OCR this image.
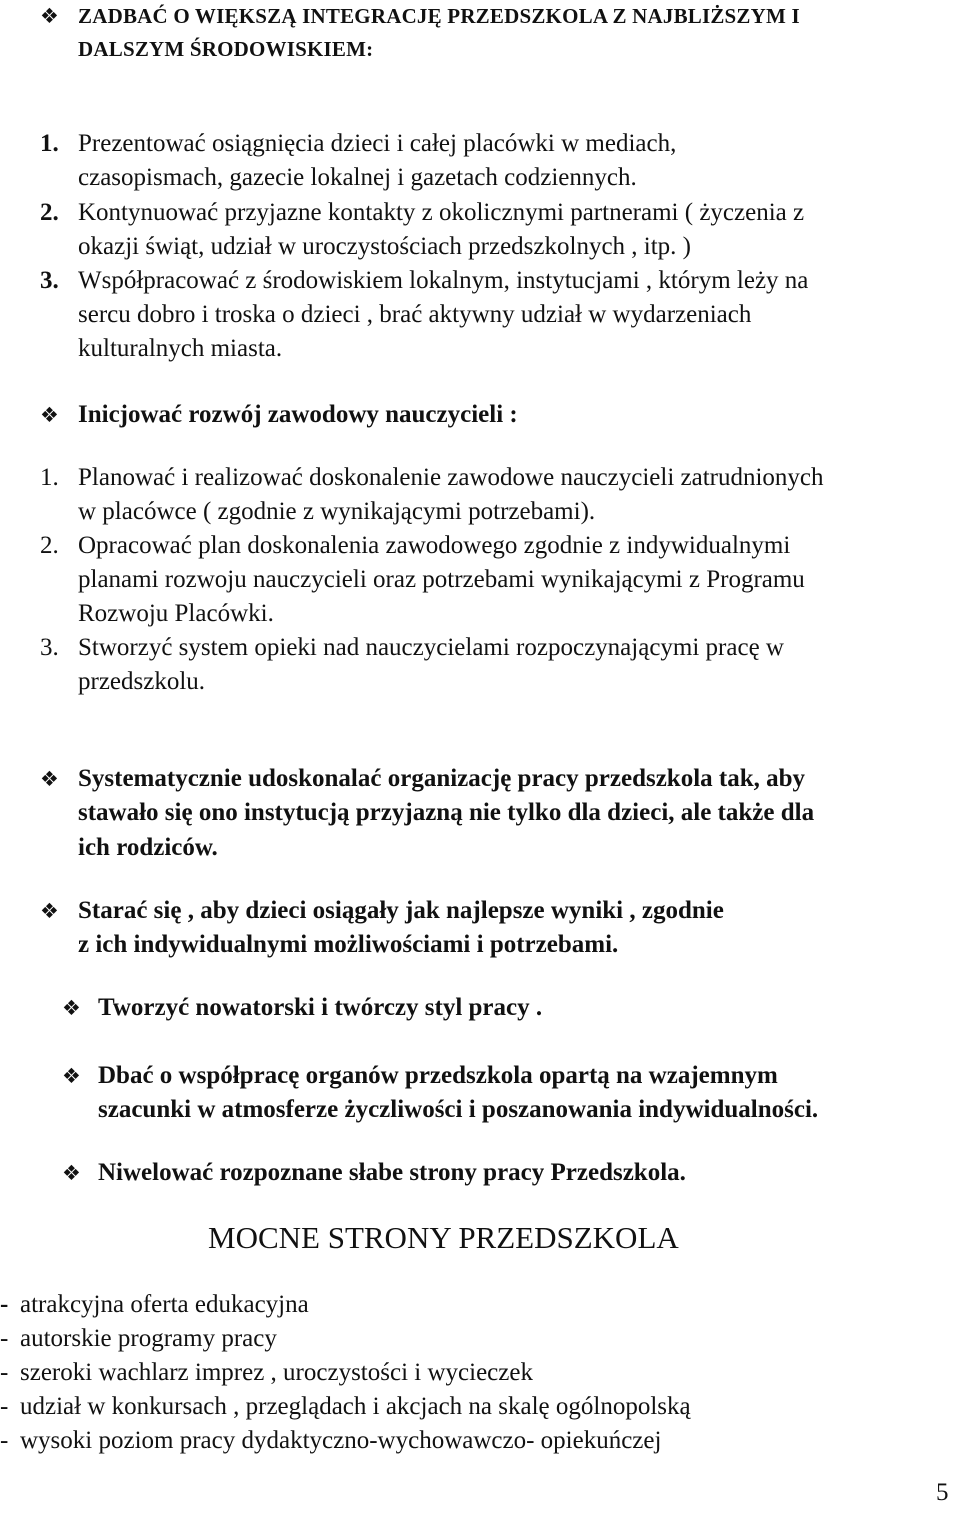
❖ ZADBAĆ O WIĘKSZĄ INTEGRACJĘ PRZEDSZKOLA Z NAJBLIŻSZYM I
DALSZYM ŚRODOWISKIEM:
1. Prezentować osiągnięcia dzieci i całej placówki w mediach,
czasopismach, gazecie lokalnej i gazetach codziennych.
2. Kontynuować przyjazne kontakty z okolicznymi partnerami ( życzenia z
okazji świąt, udział w uroczystościach przedszkolnych , itp. )
3. Współpracować z środowiskiem lokalnym, instytucjami , którym leży na
sercu dobro i troska o dzieci , brać aktywny udział w wydarzeniach
kulturalnych miasta.
❖ Inicjować rozwój zawodowy nauczycieli :
1. Planować i realizować doskonalenie zawodowe nauczycieli zatrudnionych
w placówce ( zgodnie z wynikającymi potrzebami).
2. Opracować plan doskonalenia zawodowego zgodnie z indywidualnymi
planami rozwoju nauczycieli oraz potrzebami wynikającymi z Programu
Rozwoju Placówki.
3. Stworzyć system opieki nad nauczycielami rozpoczynającymi pracę w
przedszkolu.
❖ Systematycznie udoskonalać organizację pracy przedszkola tak, aby
stawało się ono instytucją przyjazną nie tylko dla dzieci, ale także dla
ich rodziców.
❖ Starać się , aby dzieci osiągały jak najlepsze wyniki , zgodnie
z ich indywidualnymi możliwościami i potrzebami.
❖ Tworzyć nowatorski i twórczy styl pracy .
❖ Dbać o współpracę organów przedszkola opartą na wzajemnym
szacunki w atmosferze życzliwości i poszanowania indywidualności.
❖ Niwelować rozpoznane słabe strony pracy Przedszkola.
MOCNE STRONY PRZEDSZKOLA
- atrakcyjna oferta edukacyjna
- autorskie programy pracy
- szeroki wachlarz imprez , uroczystości i wycieczek
- udział w konkursach , przeglądach i akcjach na skalę ogólnopolską
- wysoki poziom pracy dydaktyczno-wychowawczo- opiekuńczej
5
